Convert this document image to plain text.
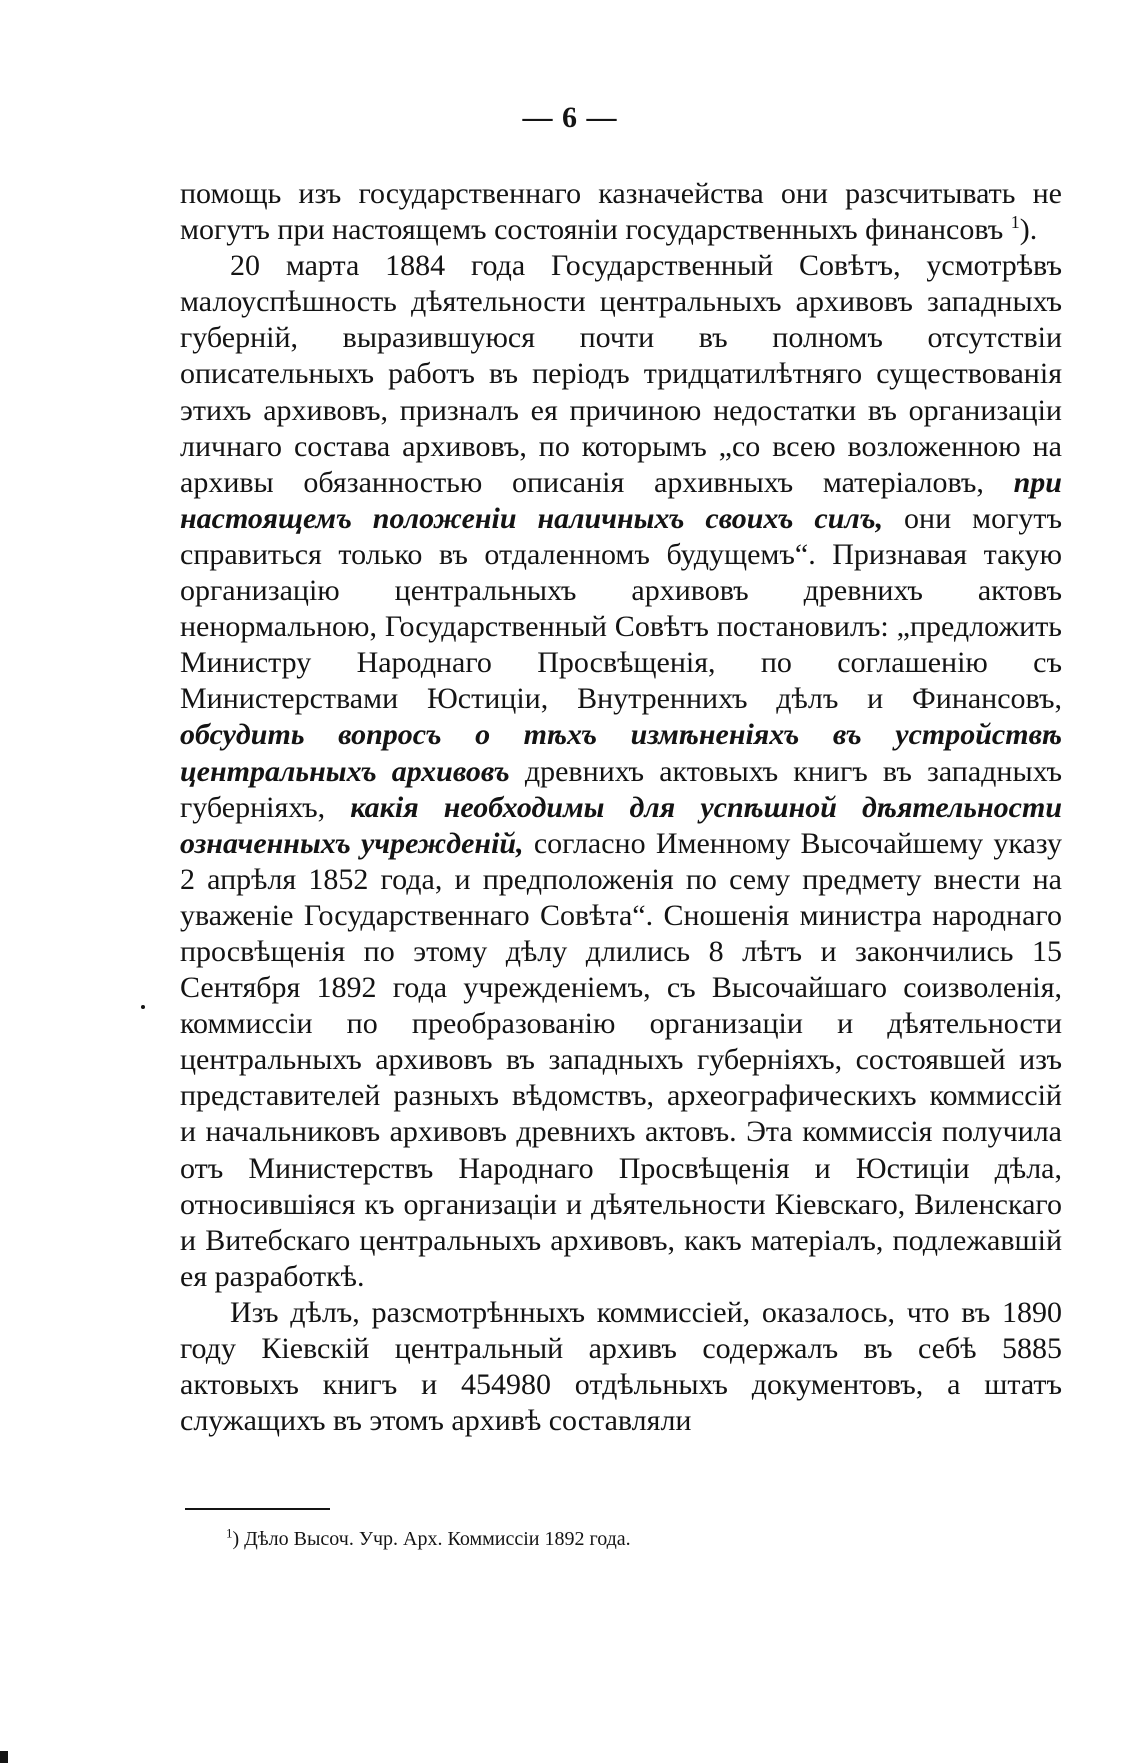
— 6 —

помощь изъ государственнаго казначейства они разсчитывать не могутъ при настоящемъ состояніи государственныхъ финансовъ $^1$).

20 марта 1884 года Государственный Совѣтъ, усмотрѣвъ малоуспѣшность дѣятельности центральныхъ архивовъ западныхъ губерній, выразившуюся почти въ полномъ отсутствіи описательныхъ работъ въ періодъ тридцатилѣтняго существованія этихъ архивовъ, призналъ ея причиною недостатки въ организаціи личнаго состава архивовъ, по которымъ „со всею возложенною на архивы обязанностью описанія архивныхъ матеріаловъ, при настоящемъ положеніи наличныхъ своихъ силъ, они могутъ справиться только въ отдаленномъ будущемъ“. Признавая такую организацію центральныхъ архивовъ древнихъ актовъ ненормальною, Государственный Совѣтъ постановилъ: „предложить Министру Народнаго Просвѣщенія, по соглашенію съ Министерствами Юстиціи, Внутреннихъ дѣлъ и Финансовъ, обсудить вопросъ о тѣхъ измѣненіяхъ въ устройствѣ центральныхъ архивовъ древнихъ актовыхъ книгъ въ западныхъ губерніяхъ, какія необходимы для успѣшной дѣятельности означенныхъ учрежденій, согласно Именному Высочайшему указу 2 апрѣля 1852 года, и предположенія по сему предмету внести на уваженіе Государственнаго Совѣта“. Сношенія министра народнаго просвѣщенія по этому дѣлу длились 8 лѣтъ и закончились 15 Сентября 1892 года учрежденіемъ, съ Высочайшаго соизволенія, коммиссіи по преобразованію организаціи и дѣятельности центральныхъ архивовъ въ западныхъ губерніяхъ, состоявшей изъ представителей разныхъ вѣдомствъ, археографическихъ коммиссій и начальниковъ архивовъ древнихъ актовъ. Эта коммиссія получила отъ Министерствъ Народнаго Просвѣщенія и Юстиціи дѣла, относившіяся къ организаціи и дѣятельности Кіевскаго, Виленскаго и Витебскаго центральныхъ архивовъ, какъ матеріалъ, подлежавшій ея разработкѣ.

Изъ дѣлъ, разсмотрѣнныхъ коммиссіей, оказалось, что въ 1890 году Кіевскій центральный архивъ содержалъ въ себѣ 5885 актовыхъ книгъ и 454980 отдѣльныхъ документовъ, а штатъ служащихъ въ этомъ архивѣ составляли

$^1$) Дѣло Высоч. Учр. Арх. Коммиссіи 1892 года.
